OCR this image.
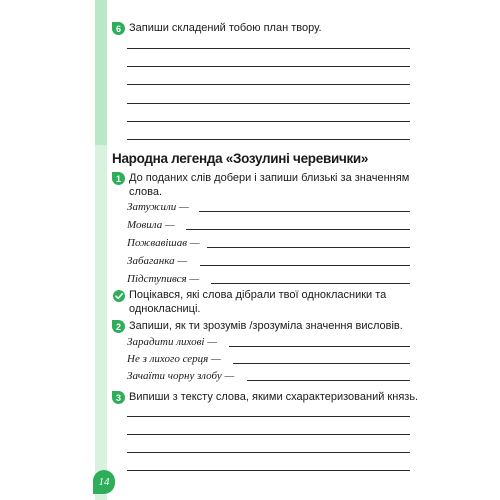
6 Запиши складений тобою план твору.
Народна легенда «Зозулині черевички»
1 До поданих слів добери і запиши близькі за значенням слова.
Затужили —
Мовила —
Пожвавішав —
Забаганка —
Підступився —
Поцікався, які слова дібрали твої однокласники та однокласниці.
2 Запиши, як ти зрозумів /зрозуміла значення висловів.
Зарадити лихові —
Не з лихого серця —
Зачаїти чорну злобу —
3 Випиши з тексту слова, якими схарактеризований князь.
14
